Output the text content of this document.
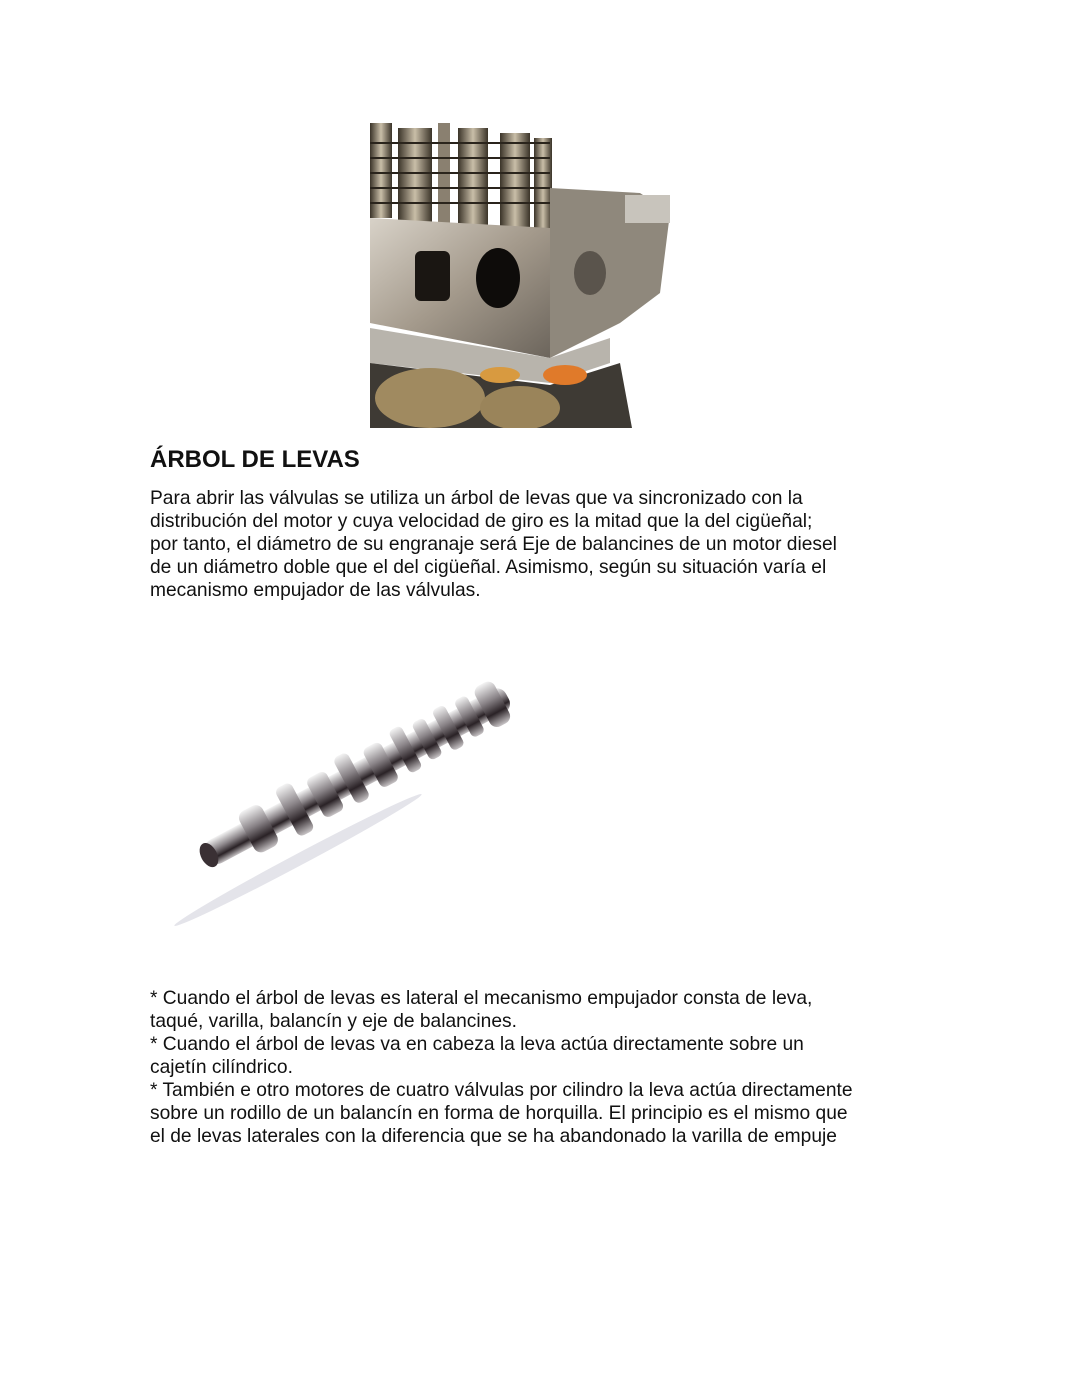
ÁRBOL DE LEVAS

Para abrir las válvulas se utiliza un árbol de levas que va sincronizado con la
distribución del motor y cuya velocidad de giro es la mitad que la del cigüeñal;
por tanto, el diámetro de su engranaje será Eje de balancines de un motor diesel
de un diámetro doble que el del cigüeñal. Asimismo, según su situación varía el
mecanismo empujador de las válvulas.

* Cuando el árbol de levas es lateral el mecanismo empujador consta de leva,
taqué, varilla, balancín y eje de balancines.
* Cuando el árbol de levas va en cabeza la leva actúa directamente sobre un
cajetín cilíndrico.
* También e otro motores de cuatro válvulas por cilindro la leva actúa directamente
sobre un rodillo de un balancín en forma de horquilla. El principio es el mismo que
el de levas laterales con la diferencia que se ha abandonado la varilla de empuje
